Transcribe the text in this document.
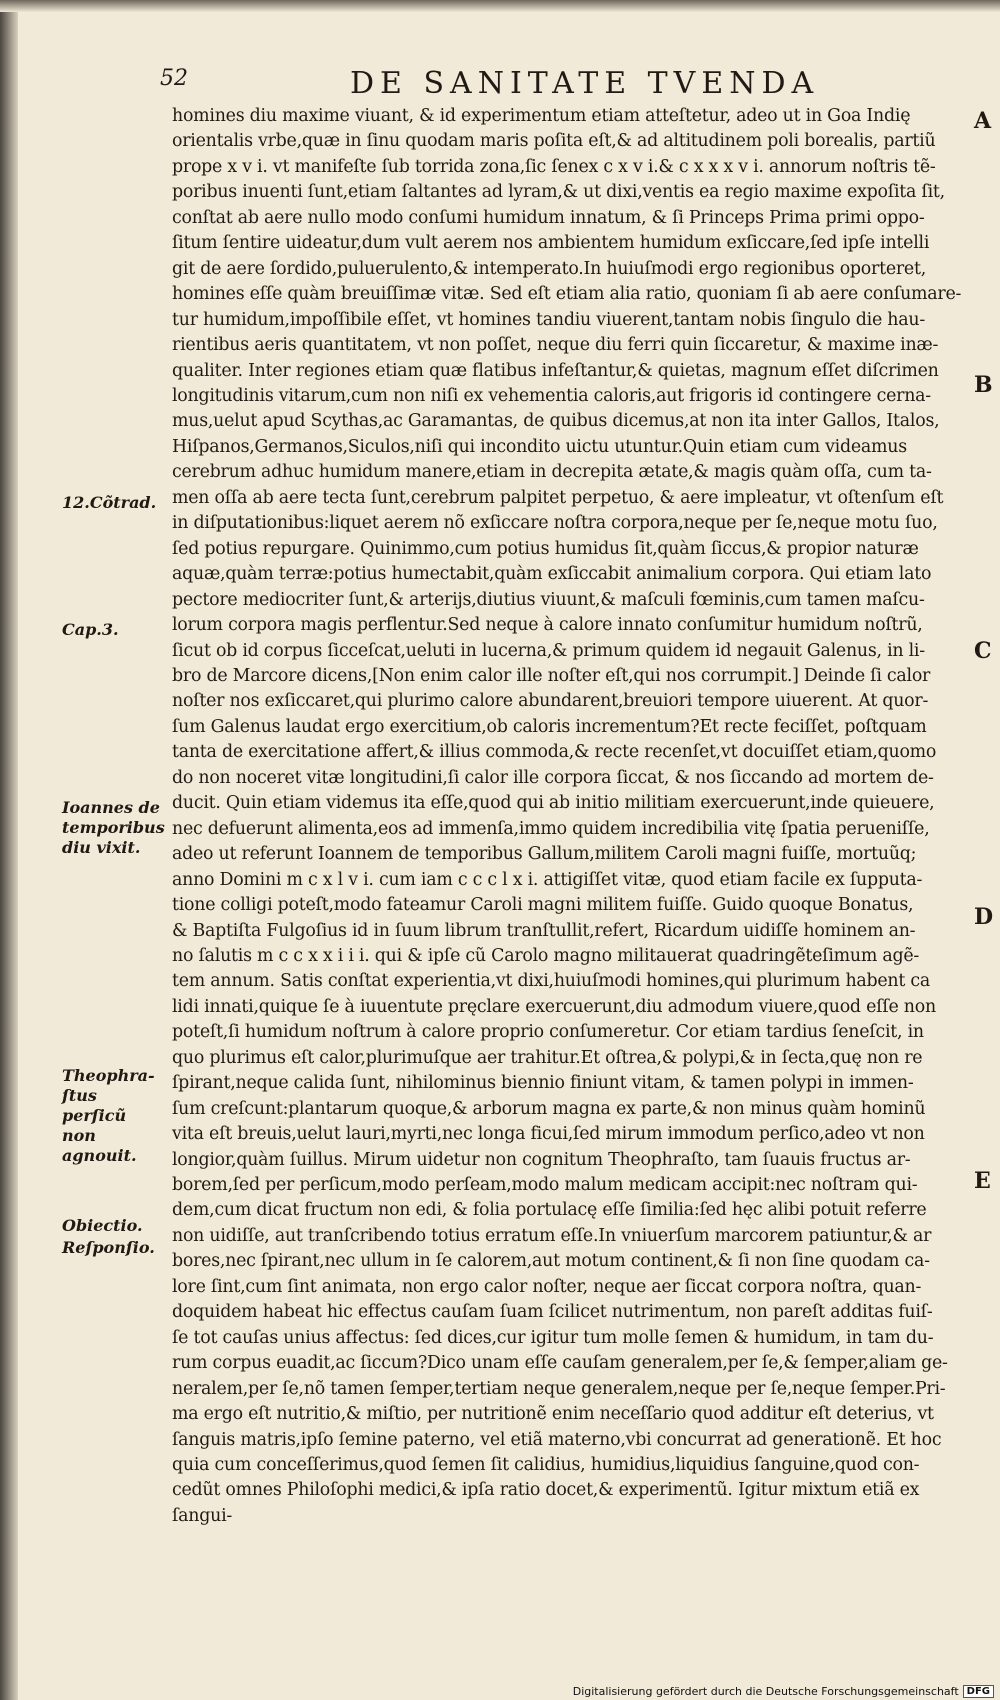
52	DE SANITATE TVENDA
homines diu maxime viuant, & id experimentum etiam atteſtetur, adeo ut in Goa Indię
orientalis vrbe,quæ in ſinu quodam maris poſita eſt,& ad altitudinem poli borealis, partiũ
prope x v i. vt manifeſte ſub torrida zona,ſic ſenex c x v i.& c x x x v i. annorum noſtris tẽ-
poribus inuenti ſunt,etiam ſaltantes ad lyram,& ut dixi,ventis ea regio maxime expoſita ſit,
conſtat ab aere nullo modo conſumi humidum innatum, & ſi Princeps Prima primi oppo-
ſitum ſentire uideatur,dum vult aerem nos ambientem humidum exſiccare,ſed ipſe intelli
git de aere ſordido,puluerulento,& intemperato.In huiuſmodi ergo regionibus oporteret,
homines eſſe quàm breuiſſimæ vitæ. Sed eſt etiam alia ratio, quoniam ſi ab aere conſumare-
tur humidum,impoſſibile eſſet, vt homines tandiu viuerent,tantam nobis ſingulo die hau-
rientibus aeris quantitatem, vt non poſſet, neque diu ferri quin ſiccaretur, & maxime inæ-
qualiter. Inter regiones etiam quæ flatibus infeſtantur,& quietas, magnum eſſet diſcrimen
longitudinis vitarum,cum non niſi ex vehementia caloris,aut frigoris id contingere cerna-
mus,uelut apud Scythas,ac Garamantas, de quibus dicemus,at non ita inter Gallos, Italos,
Hiſpanos,Germanos,Siculos,niſi qui incondito uictu utuntur.Quin etiam cum videamus
cerebrum adhuc humidum manere,etiam in decrepita ætate,& magis quàm oſſa, cum ta-
men oſſa ab aere tecta ſunt,cerebrum palpitet perpetuo, & aere impleatur, vt oſtenſum eſt
in diſputationibus:liquet aerem nõ exſiccare noſtra corpora,neque per ſe,neque motu ſuo,
ſed potius repurgare. Quinimmo,cum potius humidus ſit,quàm ſiccus,& propior naturæ
aquæ,quàm terræ:potius humectabit,quàm exſiccabit animalium corpora. Qui etiam lato
pectore mediocriter ſunt,& arterijs,diutius viuunt,& maſculi fœminis,cum tamen maſcu-
lorum corpora magis perflentur.Sed neque à calore innato conſumitur humidum noſtrũ,
ſicut ob id corpus ſicceſcat,ueluti in lucerna,& primum quidem id negauit Galenus, in li-
bro de Marcore dicens,[Non enim calor ille noſter eſt,qui nos corrumpit.] Deinde ſi calor
noſter nos exſiccaret,qui plurimo calore abundarent,breuiori tempore uiuerent. At quor-
ſum Galenus laudat ergo exercitium,ob caloris incrementum?Et recte feciſſet, poſtquam
tanta de exercitatione affert,& illius commoda,& recte recenſet,vt docuiſſet etiam,quomo
do non noceret vitæ longitudini,ſi calor ille corpora ſiccat, & nos ſiccando ad mortem de-
ducit. Quin etiam videmus ita eſſe,quod qui ab initio militiam exercuerunt,inde quieuere,
nec defuerunt alimenta,eos ad immenſa,immo quidem incredibilia vitę ſpatia perueniſſe,
adeo ut referunt Ioannem de temporibus Gallum,militem Caroli magni fuiſſe, mortuũq;
anno Domini m c x l v i. cum iam c c c l x i. attigiſſet vitæ, quod etiam facile ex ſupputa-
tione colligi poteſt,modo fateamur Caroli magni militem fuiſſe. Guido quoque Bonatus,
& Baptiſta Fulgoſius id in ſuum librum tranſtullit,refert, Ricardum uidiſſe hominem an-
no ſalutis m c c x x i i i. qui & ipſe cũ Carolo magno militauerat quadringẽteſimum agẽ-
tem annum. Satis conſtat experientia,vt dixi,huiuſmodi homines,qui plurimum habent ca
lidi innati,quique ſe à iuuentute pręclare exercuerunt,diu admodum viuere,quod eſſe non
poteſt,ſi humidum noſtrum à calore proprio conſumeretur. Cor etiam tardius ſeneſcit, in
quo plurimus eſt calor,plurimuſque aer trahitur.Et oſtrea,& polypi,& in ſecta,quę non re
ſpirant,neque calida ſunt, nihilominus biennio finiunt vitam, & tamen polypi in immen-
ſum creſcunt:plantarum quoque,& arborum magna ex parte,& non minus quàm hominũ
vita eſt breuis,uelut lauri,myrti,nec longa ficui,ſed mirum immodum perſico,adeo vt non
longior,quàm ſuillus. Mirum uidetur non cognitum Theophraſto, tam ſuauis fructus ar-
borem,ſed per perſicum,modo perſeam,modo malum medicam accipit:nec noſtram qui-
dem,cum dicat fructum non edi, & folia portulacę eſſe ſimilia:ſed hęc alibi potuit referre
non uidiſſe, aut tranſcribendo totius erratum eſſe.In vniuerſum marcorem patiuntur,& ar
bores,nec ſpirant,nec ullum in ſe calorem,aut motum continent,& ſi non ſine quodam ca-
lore ſint,cum ſint animata, non ergo calor noſter, neque aer ſiccat corpora noſtra, quan-
doquidem habeat hic effectus cauſam ſuam ſcilicet nutrimentum, non pareſt additas fuiſ-
ſe tot cauſas unius affectus: ſed dices,cur igitur tum molle ſemen & humidum, in tam du-
rum corpus euadit,ac ſiccum?Dico unam eſſe cauſam generalem,per ſe,& ſemper,aliam ge-
neralem,per ſe,nõ tamen ſemper,tertiam neque generalem,neque per ſe,neque ſemper.Pri-
ma ergo eſt nutritio,& miſtio, per nutritionẽ enim neceſſario quod additur eſt deterius, vt
ſanguis matris,ipſo ſemine paterno, vel etiã materno,vbi concurrat ad generationẽ. Et hoc
quia cum conceſſerimus,quod ſemen ſit calidius, humidius,liquidius ſanguine,quod con-
cedũt omnes Philoſophi medici,& ipſa ratio docet,& experimentũ. Igitur mixtum etiã ex
ſangui-
12.Cõtrad.
Cap.3.
Ioannes de temporibus diu vixit.
Theophra-ſtus perſicũ non agnouit.
Obiectio.
Reſponſio.
A
B
C
D
E
Digitalisierung gefördert durch die Deutsche Forschungsgemeinschaft DFG
